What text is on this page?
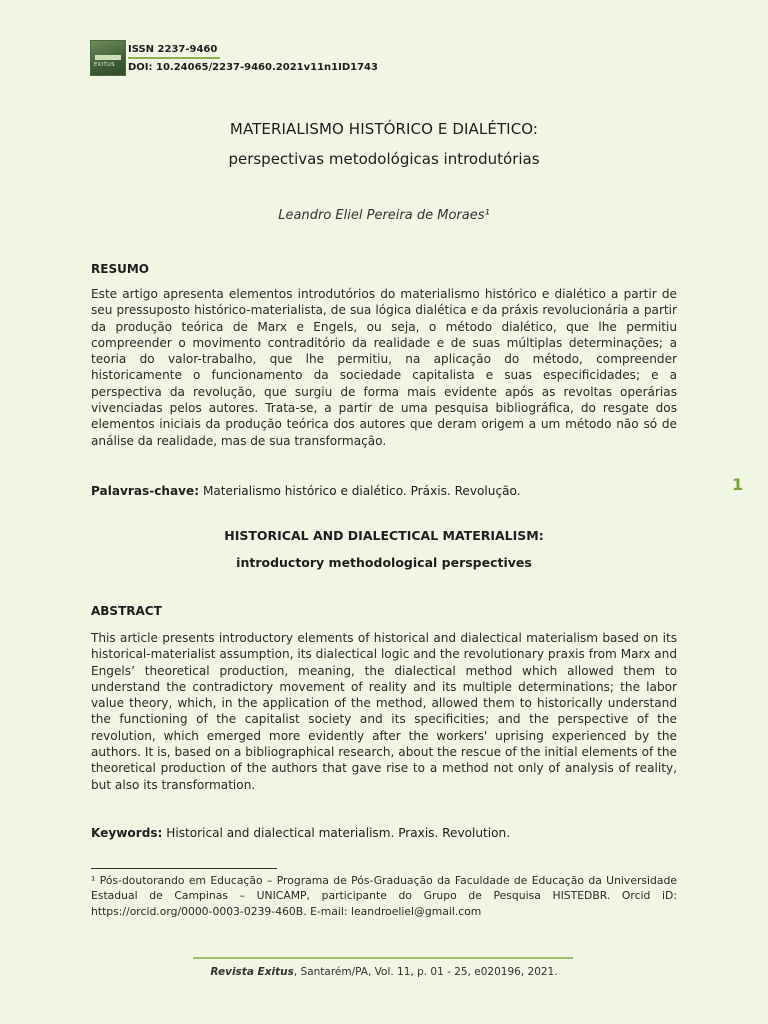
EXITUS
ISSN 2237-9460
DOI: 10.24065/2237-9460.2021v11n1ID1743
MATERIALISMO HISTÓRICO E DIALÉTICO:
perspectivas metodológicas introdutórias
Leandro Eliel Pereira de Moraes¹
RESUMO
Este artigo apresenta elementos introdutórios do materialismo histórico e dialético a partir de seu pressuposto histórico-materialista, de sua lógica dialética e da práxis revolucionária a partir da produção teórica de Marx e Engels, ou seja, o método dialético, que lhe permitiu compreender o movimento contraditório da realidade e de suas múltiplas determinações; a teoria do valor-trabalho, que lhe permitiu, na aplicação do método, compreender historicamente o funcionamento da sociedade capitalista e suas especificidades; e a perspectiva da revolução, que surgiu de forma mais evidente após as revoltas operárias vivenciadas pelos autores. Trata-se, a partir de uma pesquisa bibliográfica, do resgate dos elementos iniciais da produção teórica dos autores que deram origem a um método não só de análise da realidade, mas de sua transformação.
Palavras-chave: Materialismo histórico e dialético. Práxis. Revolução.	1
HISTORICAL AND DIALECTICAL MATERIALISM:
introductory methodological perspectives
ABSTRACT
This article presents introductory elements of historical and dialectical materialism based on its historical-materialist assumption, its dialectical logic and the revolutionary praxis from Marx and Engels’ theoretical production, meaning, the dialectical method which allowed them to understand the contradictory movement of reality and its multiple determinations; the labor value theory, which, in the application of the method, allowed them to historically understand the functioning of the capitalist society and its specificities; and the perspective of the revolution, which emerged more evidently after the workers' uprising experienced by the authors. It is, based on a bibliographical research, about the rescue of the initial elements of the theoretical production of the authors that gave rise to a method not only of analysis of reality, but also its transformation.
Keywords: Historical and dialectical materialism. Praxis. Revolution.
¹ Pós-doutorando em Educação – Programa de Pós-Graduação da Faculdade de Educação da Universidade Estadual de Campinas – UNICAMP, participante do Grupo de Pesquisa HISTEDBR. Orcid iD: https://orcid.org/0000-0003-0239-460B. E-mail: leandroeliel@gmail.com
Revista Exitus, Santarém/PA, Vol. 11, p. 01 - 25, e020196, 2021.
